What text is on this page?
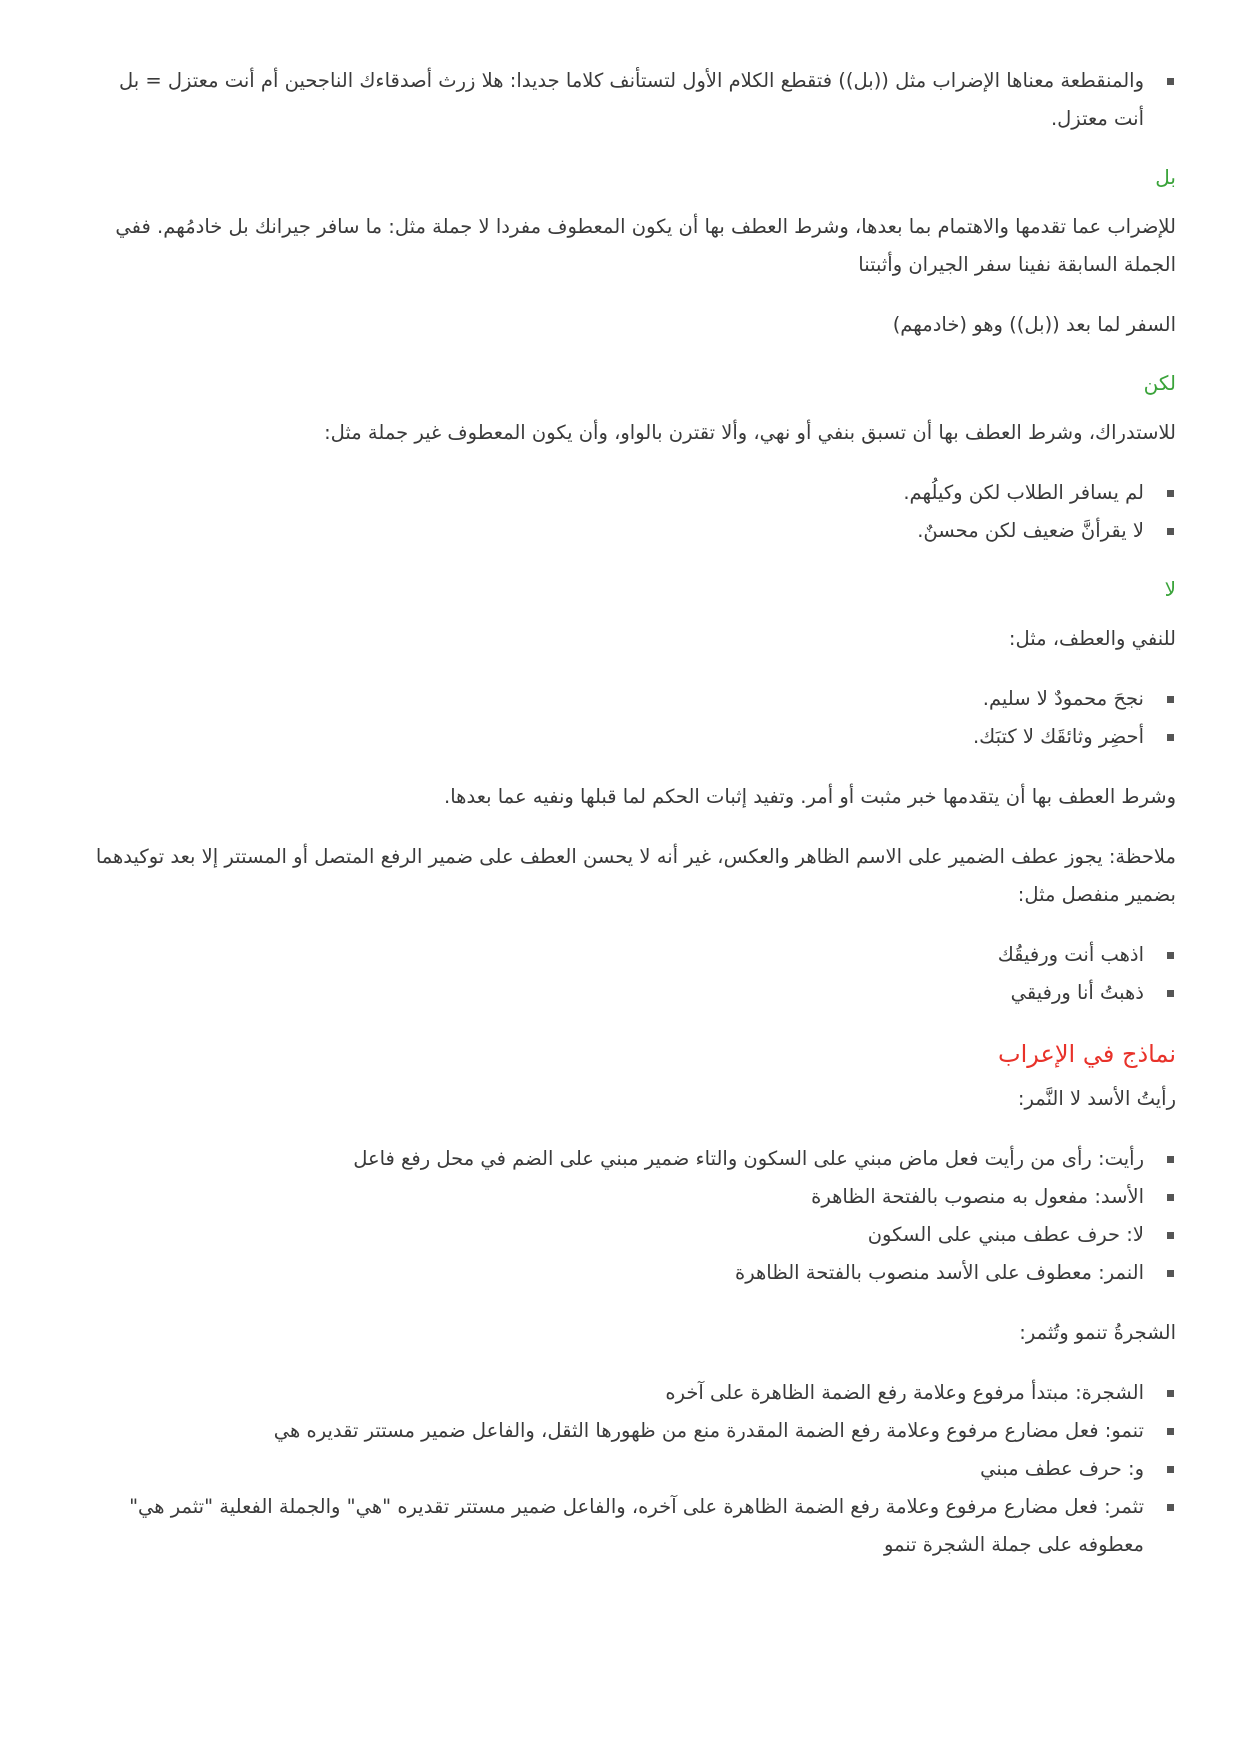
والمنقطعة معناها الإضراب مثل ((بل)) فتقطع الكلام الأول لتستأنف كلاما جديدا: هلا زرث أصدقاءك الناجحين أم أنت معتزل = بل أنت معتزل.
بل

للإضراب عما تقدمها والاهتمام بما بعدها، وشرط العطف بها أن يكون المعطوف مفردا لا جملة مثل: ما سافر جيرانك بل خادمُهم. ففي الجملة السابقة نفينا سفر الجيران وأثبتنا

السفر لما بعد ((بل)) وهو (خادمهم)

لكن

للاستدراك، وشرط العطف بها أن تسبق بنفي أو نهي، وألا تقترن بالواو، وأن يكون المعطوف غير جملة مثل:

لم يسافر الطلاب لكن وكيلُهم.
لا يقرأنَّ ضعيف لكن محسنٌ.
لا

للنفي والعطف، مثل:

نجحَ محمودٌ لا سليم.
أحضِر وثائقَك لا كتبَك.

وشرط العطف بها أن يتقدمها خبر مثبت أو أمر. وتفيد إثبات الحكم لما قبلها ونفيه عما بعدها.

ملاحظة: يجوز عطف الضمير على الاسم الظاهر والعكس، غير أنه لا يحسن العطف على ضمير الرفع المتصل أو المستتر إلا بعد توكيدهما بضمير منفصل مثل:

اذهب أنت ورفيقُك
ذهبتُ أنا ورفيقي
نماذج في الإعراب

رأيتُ الأسد لا النَّمر:

رأيت: رأى من رأيت فعل ماض مبني على السكون والتاء ضمير مبني على الضم في محل رفع فاعل
الأسد: مفعول به منصوب بالفتحة الظاهرة
لا: حرف عطف مبني على السكون
النمر: معطوف على الأسد منصوب بالفتحة الظاهرة

الشجرةُ تنمو وتُثمر:

الشجرة: مبتدأ مرفوع وعلامة رفع الضمة الظاهرة على آخره
تنمو: فعل مضارع مرفوع وعلامة رفع الضمة المقدرة منع من ظهورها الثقل، والفاعل ضمير مستتر تقديره هي
و: حرف عطف مبني
تثمر: فعل مضارع مرفوع وعلامة رفع الضمة الظاهرة على آخره، والفاعل ضمير مستتر تقديره "هي" والجملة الفعلية "تثمر هي" معطوفه على جملة الشجرة تنمو
